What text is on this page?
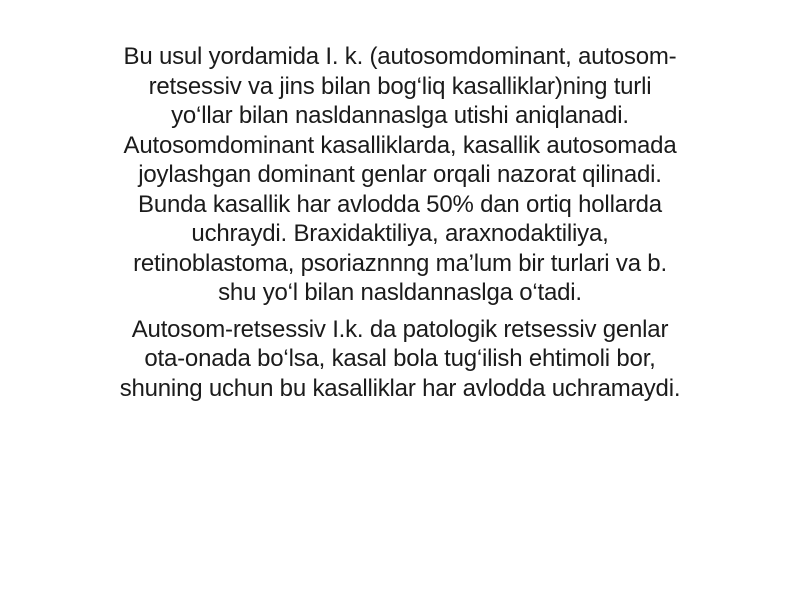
Bu usul yordamida I. k. (autosomdominant, autosom-
retsessiv va jins bilan bog‘liq kasalliklar)ning turli
yo‘llar bilan nasldannaslga utishi aniqlanadi.
Autosomdominant kasalliklarda, kasallik autosomada
joylashgan dominant genlar orqali nazorat qilinadi.
Bunda kasallik har avlodda 50% dan ortiq hollarda
uchraydi. Braxidaktiliya, araxnodaktiliya,
retinoblastoma, psoriaznnng ma’lum bir turlari va b.
shu yo‘l bilan nasldannaslga o‘tadi.

Autosom-retsessiv I.k. da patologik retsessiv genlar
ota-onada bo‘lsa, kasal bola tug‘ilish ehtimoli bor,
shuning uchun bu kasalliklar har avlodda uchramaydi.
